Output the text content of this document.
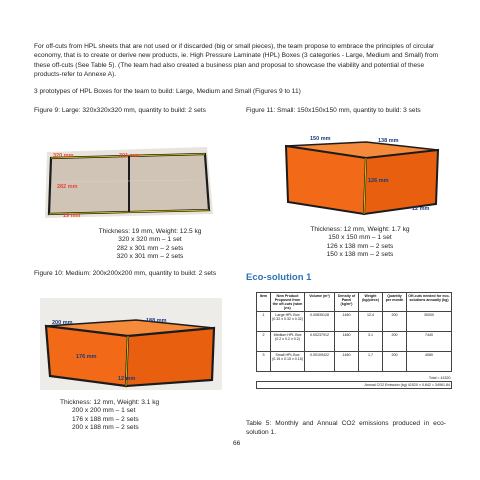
For off-cuts from HPL sheets that are not used or if discarded (big or small pieces), the team propose to embrace the principles of circular economy, that is to create or derive new products, ie. High Pressure Laminate (HPL) Boxes (3 categories - Large, Medium and Small) from these off-cuts (See Table 5). (The team had also created a business plan and proposal to showcase the viability and potential of these products-refer to Annexe A).

3 prototypes of HPL Boxes for the team to build: Large, Medium and Small (Figures 9 to 11)

Figure 9: Large: 320x320x320 mm, quantity to build: 2 sets	Figure 11: Small: 150x150x150 mm, quantity to build: 3 sets

320 mm	301 mm
282 mm
19 mm
150 mm	138 mm
126 mm
12 mm
Thickness: 19 mm, Weight: 12.5 kg
320 x 320 mm – 1 set
282 x 301 mm – 2 sets
320 x 301 mm – 2 sets
Thickness: 12 mm, Weight: 1.7 kg
150 x 150 mm – 1 set
126 x 138 mm – 2 sets
150 x 138 mm – 2 sets

Figure 10: Medium: 200x200x200 mm, quantity to build: 2 sets	Eco-solution 1
200 mm	188 mm
176 mm
12 mm
Item	New Product Proposed from the off-cuts (wkm jns)	Volume (m³)	Density of Panel (kg/m³)	Weight (kg/piece)	Quantity per month	Off-cuts needed for eco-solutions annually (kg)
1	Large HPL Box (0.32 x 0.32 x 0.32)	0.00835128	1460	12.4	200	30000
2	Medium HPL Box (0.2 x 0.2 x 0.2)	0.00237912	1460	3.1	200	7440
3	Small HPL Box (0.15 x 0.15 x 0.15)	0.00109422	1460	1.7	200	4080
Total = 41520						
Annual CO2 Emission (kg) 41520 × 0.842 = 34961.84						
Thickness: 12 mm, Weight: 3.1 kg
200 x 200 mm – 1 set
176 x 188 mm – 2 sets
200 x 188 mm – 2 sets

Table 5: Monthly and Annual CO2 emissions produced in eco-solution 1.

66
